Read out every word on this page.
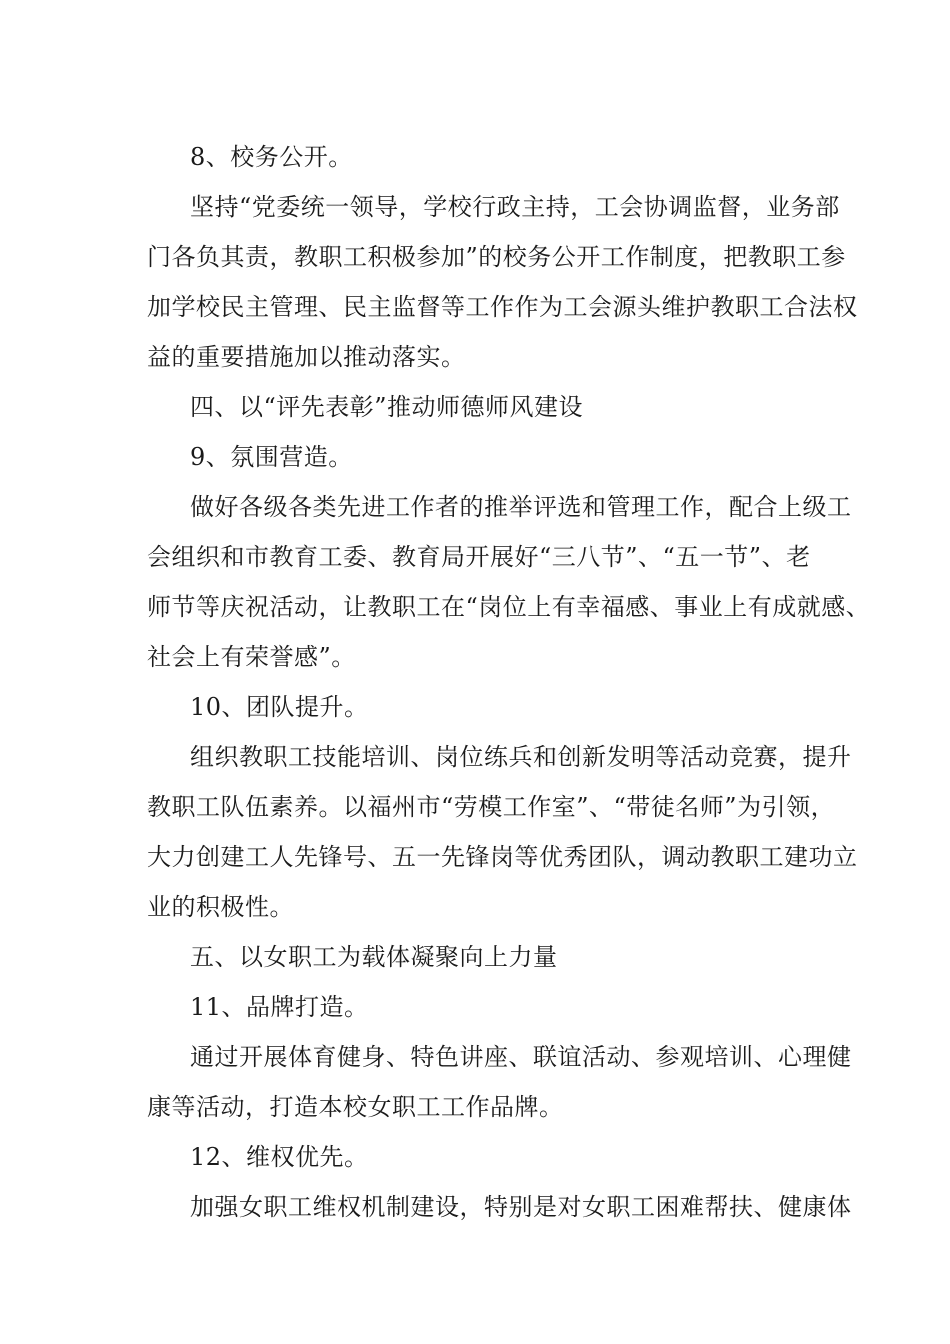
8、校务公开。
坚持“党委统一领导，学校行政主持，工会协调监督，业务部
门各负其责，教职工积极参加”的校务公开工作制度，把教职工参
加学校民主管理、民主监督等工作作为工会源头维护教职工合法权
益的重要措施加以推动落实。
四、以“评先表彰”推动师德师风建设
9、氛围营造。
做好各级各类先进工作者的推举评选和管理工作，配合上级工
会组织和市教育工委、教育局开展好“三八节”、“五一节”、老
师节等庆祝活动，让教职工在“岗位上有幸福感、事业上有成就感、
社会上有荣誉感”。
10、团队提升。
组织教职工技能培训、岗位练兵和创新发明等活动竞赛，提升
教职工队伍素养。以福州市“劳模工作室”、“带徒名师”为引领，
大力创建工人先锋号、五一先锋岗等优秀团队，调动教职工建功立
业的积极性。
五、以女职工为载体凝聚向上力量
11、品牌打造。
通过开展体育健身、特色讲座、联谊活动、参观培训、心理健
康等活动，打造本校女职工工作品牌。
12、维权优先。
加强女职工维权机制建设，特别是对女职工困难帮扶、健康体
